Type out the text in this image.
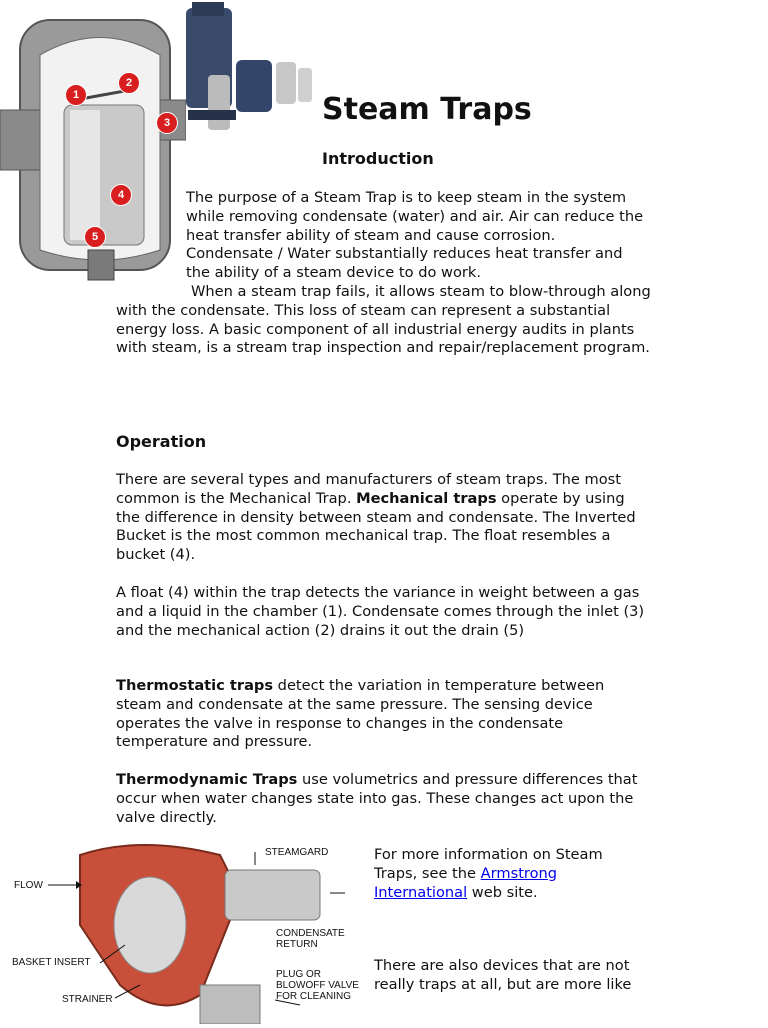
1
2
3
4
5
Steam Traps
Introduction

The purpose of a Steam Trap is to keep steam in the system while removing condensate (water) and air. Air can reduce the heat transfer ability of steam and cause corrosion. Condensate / Water substantially reduces heat transfer and the ability of a steam device to do work.

When a steam trap fails, it allows steam to blow-through along with the condensate. This loss of steam can represent a substantial energy loss. A basic component of all industrial energy audits in plants with steam, is a stream trap inspection and repair/replacement program.

Operation

There are several types and manufacturers of steam traps. The most common is the Mechanical Trap. Mechanical traps operate by using the difference in density between steam and condensate. The Inverted Bucket is the most common mechanical trap. The float resembles a bucket (4).

A float (4) within the trap detects the variance in weight between a gas and a liquid in the chamber (1). Condensate comes through the inlet (3) and the mechanical action (2) drains it out the drain (5)

Thermostatic traps detect the variation in temperature between steam and condensate at the same pressure. The sensing device operates the valve in response to changes in the condensate temperature and pressure.

Thermodynamic Traps use volumetrics and pressure differences that occur when water changes state into gas. These changes act upon the valve directly.

STEAMGARD
FLOW
CONDENSATE RETURN
BASKET INSERT
PLUG OR BLOWOFF VALVE FOR CLEANING
STRAINER

For more information on Steam Traps, see the Armstrong International web site.

There are also devices that are not really traps at all, but are more like
